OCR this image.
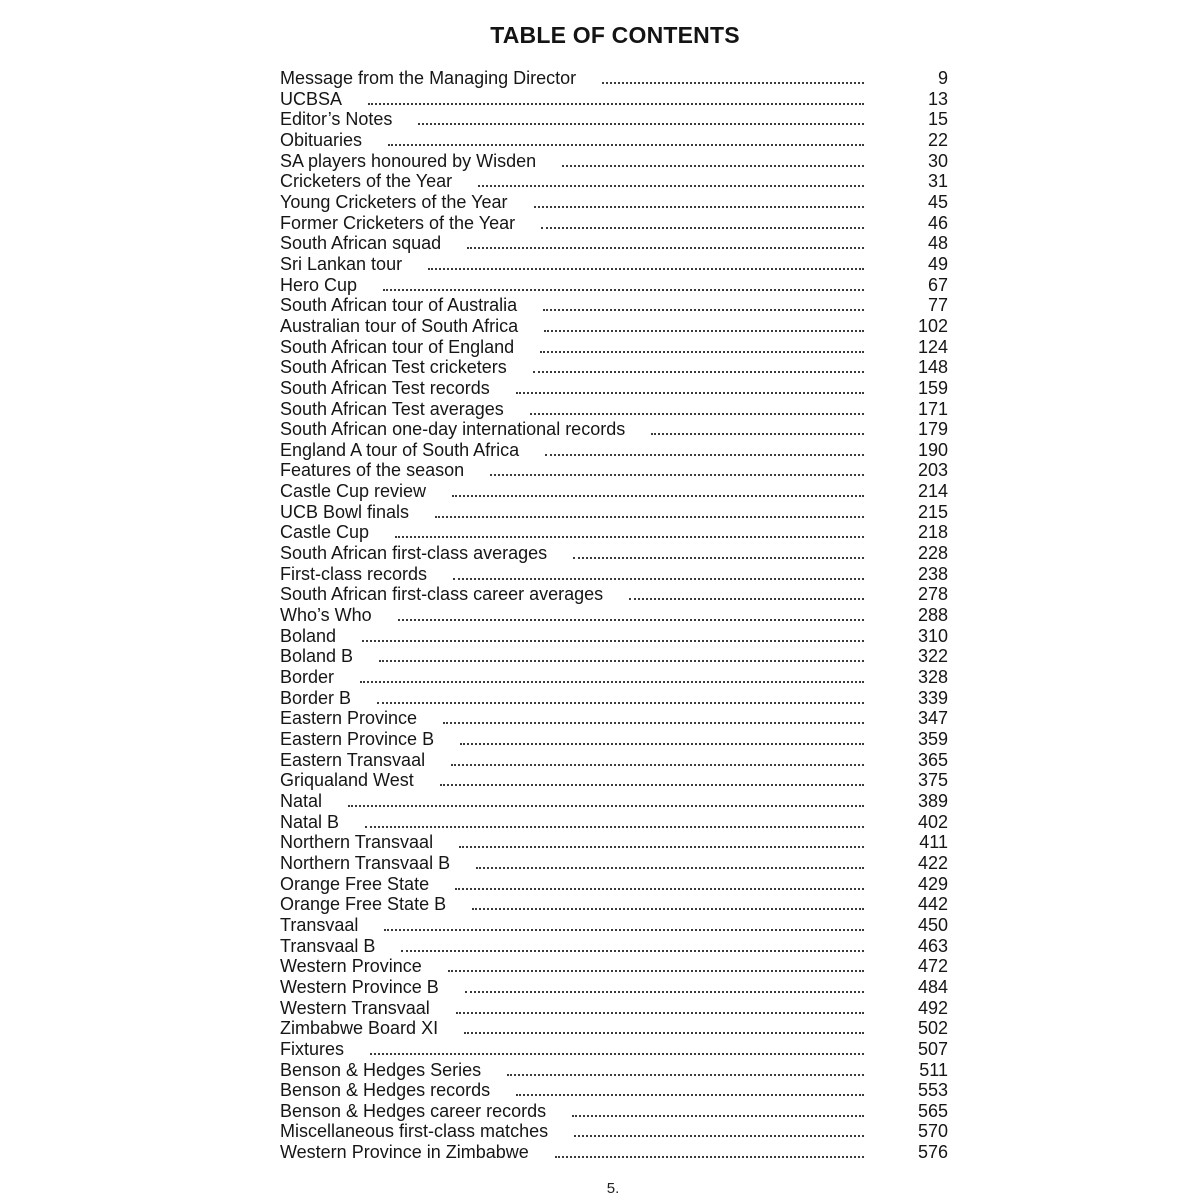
TABLE OF CONTENTS
Message from the Managing Director	9
UCBSA	13
Editor’s Notes	15
Obituaries	22
SA players honoured by Wisden	30
Cricketers of the Year	31
Young Cricketers of the Year	45
Former Cricketers of the Year	46
South African squad	48
Sri Lankan tour	49
Hero Cup	67
South African tour of Australia	77
Australian tour of South Africa	102
South African tour of England	124
South African Test cricketers	148
South African Test records	159
South African Test averages	171
South African one-day international records	179
England A tour of South Africa	190
Features of the season	203
Castle Cup review	214
UCB Bowl finals	215
Castle Cup	218
South African first-class averages	228
First-class records	238
South African first-class career averages	278
Who’s Who	288
Boland	310
Boland B	322
Border	328
Border B	339
Eastern Province	347
Eastern Province B	359
Eastern Transvaal	365
Griqualand West	375
Natal	389
Natal B	402
Northern Transvaal	411
Northern Transvaal B	422
Orange Free State	429
Orange Free State B	442
Transvaal	450
Transvaal B	463
Western Province	472
Western Province B	484
Western Transvaal	492
Zimbabwe Board XI	502
Fixtures	507
Benson & Hedges Series	511
Benson & Hedges records	553
Benson & Hedges career records	565
Miscellaneous first-class matches	570
Western Province in Zimbabwe	576
5.
